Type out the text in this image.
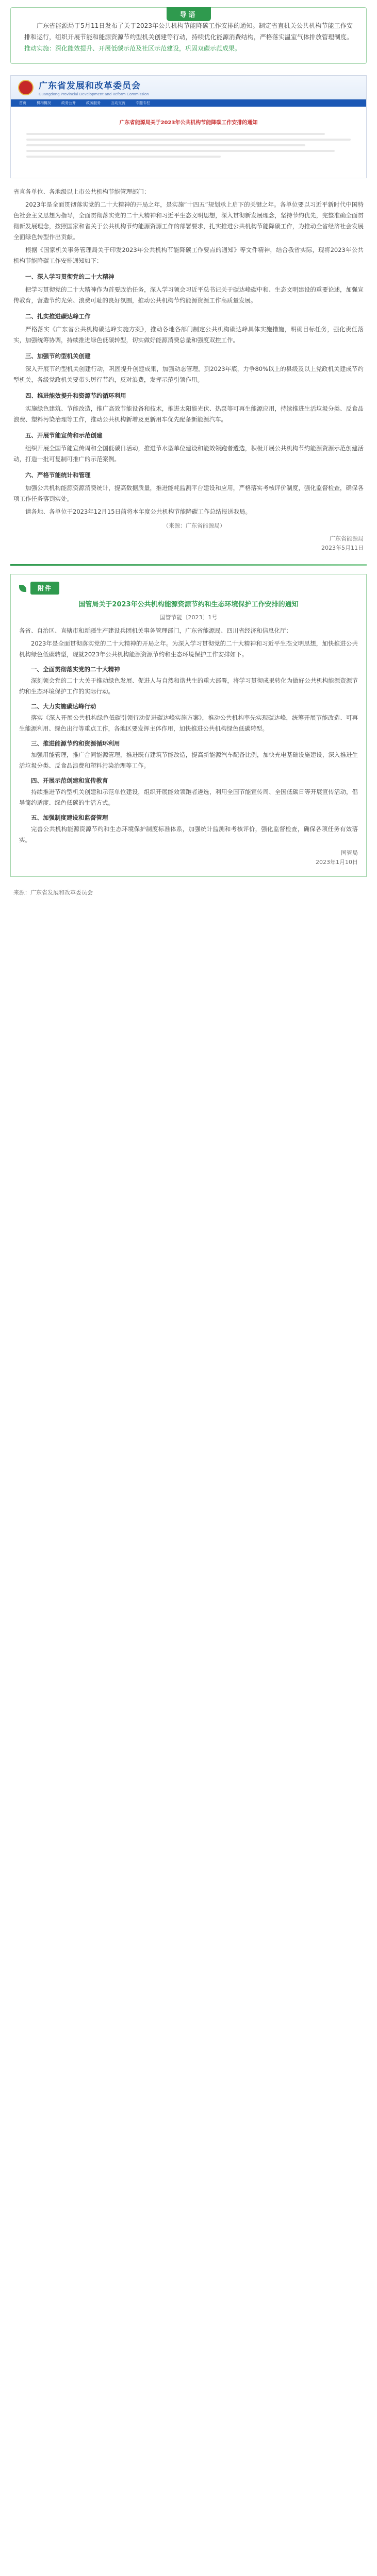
导语

广东省能源局于5月11日发布了关于2023年公共机构节能降碳工作安排的通知。制定省直机关公共机构节能工作安排和运行，组织开展节能和能源资源节约型机关创建等行动，持续优化能源消费结构，严格落实温室气体排放管理制度。推动实施：深化能效提升、开展低碳示范及社区示范建设，巩固双碳示范成果。

广东省发展和改革委员会
Guangdong Provincial Development and Reform Commission
首页	机构概况	政务公开	政务服务	互动交流	专题专栏
广东省能源局关于2023年公共机构节能降碳工作安排的通知

省直各单位、各地级以上市公共机构节能管理部门：

2023年是全面贯彻落实党的二十大精神的开局之年，是实施“十四五”规划承上启下的关键之年。各单位要以习近平新时代中国特色社会主义思想为指导，全面贯彻落实党的二十大精神和习近平生态文明思想，深入贯彻新发展理念，坚持节约优先，完整准确全面贯彻新发展理念，按照国家和省关于公共机构节约能源资源工作的部署要求，扎实推进公共机构节能降碳工作，为推动全省经济社会发展全面绿色转型作出贡献。

根据《国家机关事务管理局关于印发2023年公共机构节能降碳工作要点的通知》等文件精神，结合我省实际，现将2023年公共机构节能降碳工作安排通知如下：

一、深入学习贯彻党的二十大精神

把学习贯彻党的二十大精神作为首要政治任务，深入学习领会习近平总书记关于碳达峰碳中和、生态文明建设的重要论述，加强宣传教育，营造节约光荣、浪费可耻的良好氛围，推动公共机构节约能源资源工作高质量发展。

二、扎实推进碳达峰工作

严格落实《广东省公共机构碳达峰实施方案》，推动各地各部门制定公共机构碳达峰具体实施措施，明确目标任务，强化责任落实，加强统筹协调，持续推进绿色低碳转型，切实做好能源消费总量和强度双控工作。

三、加强节约型机关创建

深入开展节约型机关创建行动，巩固提升创建成果，加强动态管理。到2023年底，力争80%以上的县级及以上党政机关建成节约型机关，各级党政机关要带头厉行节约，反对浪费，发挥示范引领作用。

四、推进能效提升和资源节约循环利用

实施绿色建筑、节能改造，推广高效节能设备和技术，推进太阳能光伏、热泵等可再生能源应用，持续推进生活垃圾分类、反食品浪费、塑料污染治理等工作，推动公共机构新增及更新用车优先配备新能源汽车。

五、开展节能宣传和示范创建

组织开展全国节能宣传周和全国低碳日活动，推进节水型单位建设和能效领跑者遴选，积极开展公共机构节约能源资源示范创建活动，打造一批可复制可推广的示范案例。

六、严格节能统计和管理

加强公共机构能源资源消费统计，提高数据质量，推进能耗监测平台建设和应用，严格落实考核评价制度，强化监督检查，确保各项工作任务落到实处。

请各地、各单位于2023年12月15日前将本年度公共机构节能降碳工作总结报送我局。

（来源：广东省能源局）

广东省能源局
2023年5月11日
附件
国管局关于2023年公共机构能源资源节约和生态环境保护工作安排的通知
国管节能〔2023〕1号

各省、自治区、直辖市和新疆生产建设兵团机关事务管理部门，广东省能源局、四川省经济和信息化厅：

2023年是全面贯彻落实党的二十大精神的开局之年。为深入学习贯彻党的二十大精神和习近平生态文明思想，加快推进公共机构绿色低碳转型，现就2023年公共机构能源资源节约和生态环境保护工作安排如下。

一、全面贯彻落实党的二十大精神

深刻领会党的二十大关于推动绿色发展、促进人与自然和谐共生的重大部署，将学习贯彻成果转化为做好公共机构能源资源节约和生态环境保护工作的实际行动。

二、大力实施碳达峰行动

落实《深入开展公共机构绿色低碳引领行动促进碳达峰实施方案》，推动公共机构率先实现碳达峰，统筹开展节能改造、可再生能源利用、绿色出行等重点工作，各地区要发挥主体作用，加快推进公共机构绿色低碳转型。

三、推进能源节约和资源循环利用

加强用能管理，推广合同能源管理，推进既有建筑节能改造，提高新能源汽车配备比例，加快充电基础设施建设，深入推进生活垃圾分类、反食品浪费和塑料污染治理等工作。

四、开展示范创建和宣传教育

持续推进节约型机关创建和示范单位建设，组织开展能效领跑者遴选，利用全国节能宣传周、全国低碳日等开展宣传活动，倡导简约适度、绿色低碳的生活方式。

五、加强制度建设和监督管理

完善公共机构能源资源节约和生态环境保护制度标准体系，加强统计监测和考核评价，强化监督检查，确保各项任务有效落实。

国管局
2023年1月10日
来源：广东省发展和改革委员会
